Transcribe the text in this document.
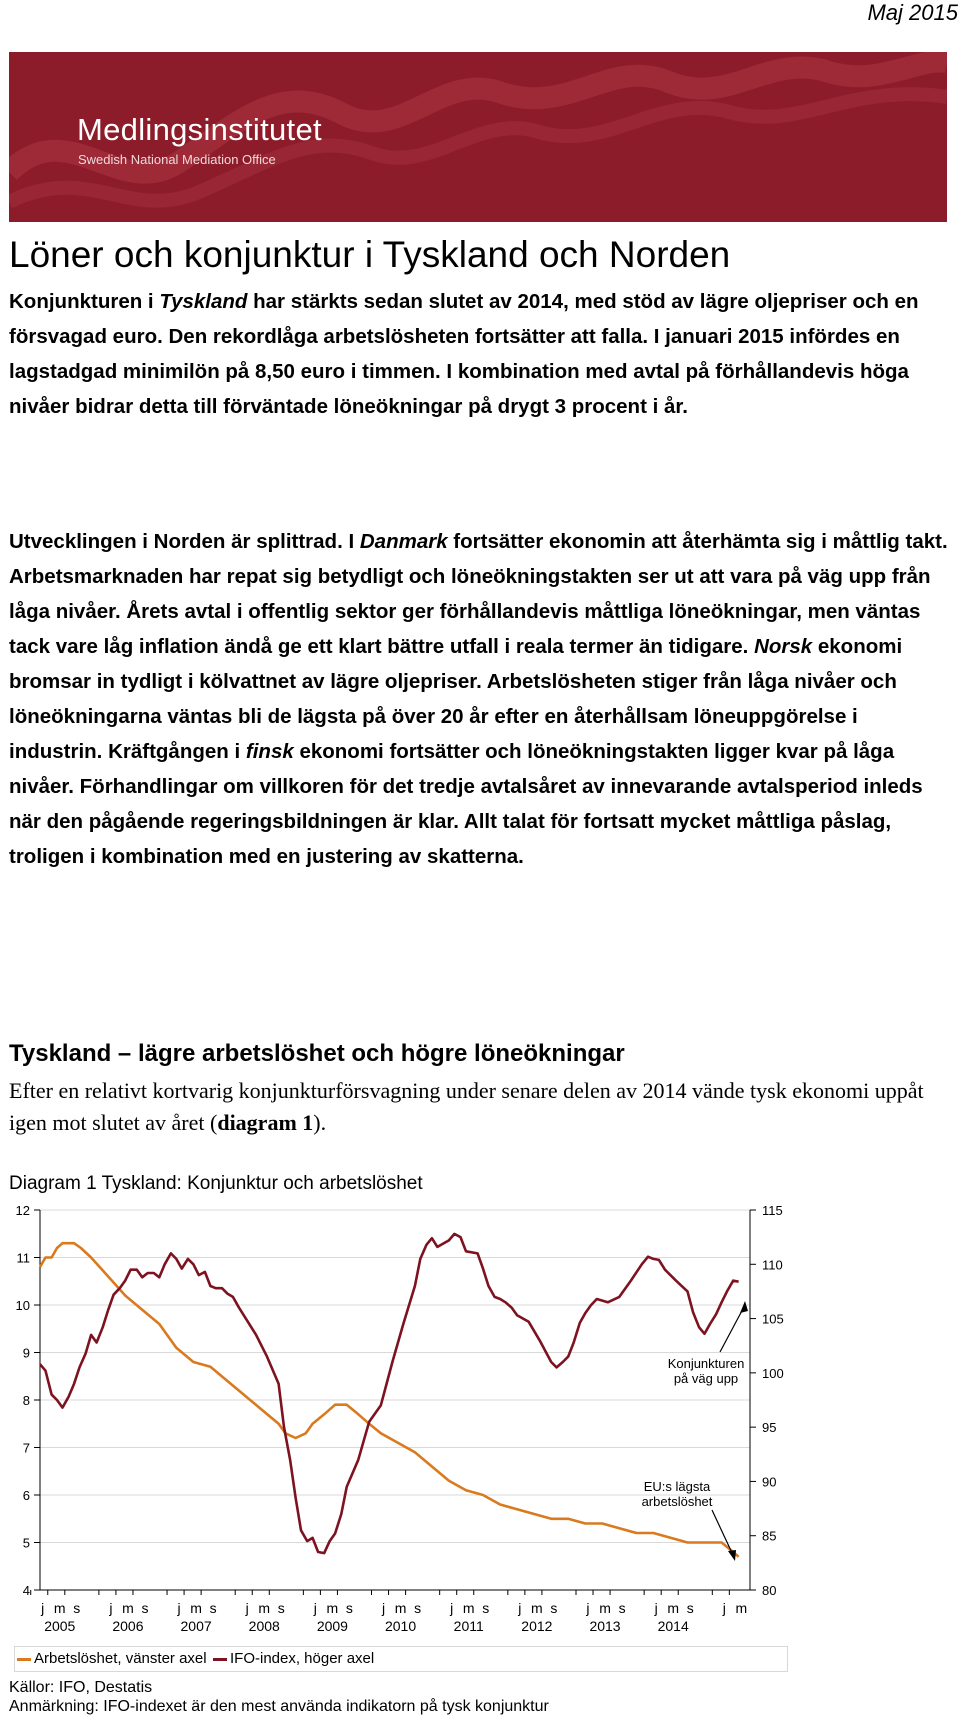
Maj 2015
Medlingsinstitutet
Swedish National Mediation Office
Löner och konjunktur i Tyskland och Norden

Konjunkturen i Tyskland har stärkts sedan slutet av 2014, med stöd av lägre oljepriser och en försvagad euro. Den rekordlåga arbetslösheten fortsätter att falla. I januari 2015 infördes en lagstadgad minimilön på 8,50 euro i timmen. I kombination med avtal på förhållandevis höga nivåer bidrar detta till förväntade löneökningar på drygt 3 procent i år.

Utvecklingen i Norden är splittrad. I Danmark fortsätter ekonomin att återhämta sig i måttlig takt. Arbetsmarknaden har repat sig betydligt och löneökningstakten ser ut att vara på väg upp från låga nivåer. Årets avtal i offentlig sektor ger förhållandevis måttliga löneökningar, men väntas tack vare låg inflation ändå ge ett klart bättre utfall i reala termer än tidigare. Norsk ekonomi bromsar in tydligt i kölvattnet av lägre oljepriser. Arbetslösheten stiger från låga nivåer och löneökningarna väntas bli de lägsta på över 20 år efter en återhållsam löneuppgörelse i industrin. Kräftgången i finsk ekonomi fortsätter och löneökningstakten ligger kvar på låga nivåer. Förhandlingar om villkoren för det tredje avtalsåret av innevarande avtalsperiod inleds när den pågående regeringsbildningen är klar. Allt talat för fortsatt mycket måttliga påslag, troligen i kombination med en justering av skatterna.

Tyskland – lägre arbetslöshet och högre löneökningar

Efter en relativt kortvarig konjunkturförsvagning under senare delen av 2014 vände tysk ekonomi uppåt igen mot slutet av året (diagram 1).

Diagram 1 Tyskland: Konjunktur och arbetslöshet
4
5
6
7
8
9
10
11
12
80
85
90
95
100
105
110
115
j m s j m s j m s j m s j m s j m s j m s j m s j m s j m s j m
2005	2006	2007	2008	2009	2010	2011	2012	2013	2014
Konjunkturen
på väg upp
EU:s lägsta
arbetslöshet
Arbetslöshet, vänster axel	IFO-index, höger axel
Källor: IFO, Destatis
Anmärkning: IFO-indexet är den mest använda indikatorn på tysk konjunktur
